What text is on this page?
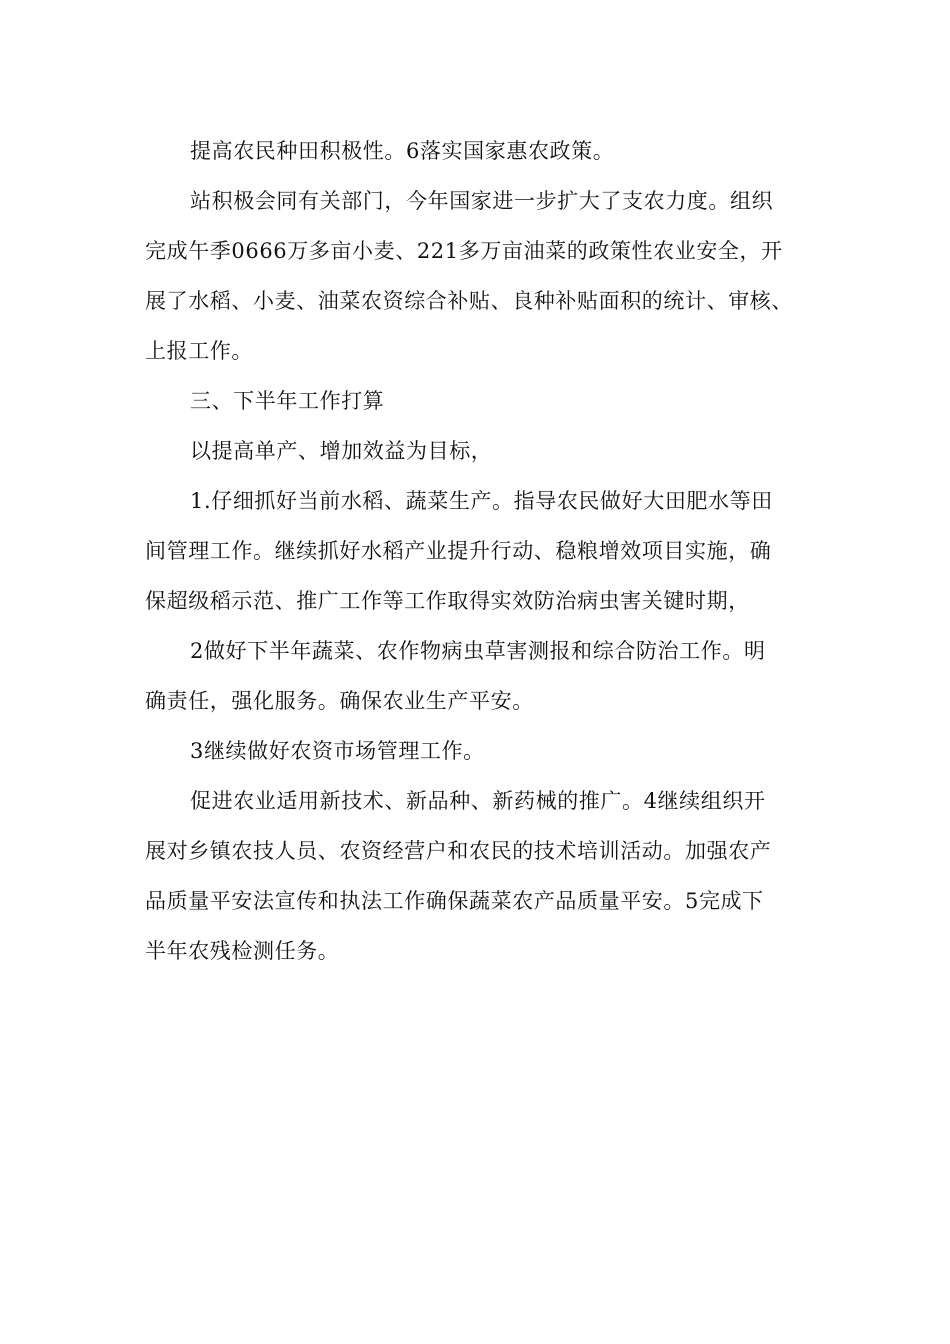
提高农民种田积极性。6落实国家惠农政策。

站积极会同有关部门，今年国家进一步扩大了支农力度。组织

完成午季0666万多亩小麦、221多万亩油菜的政策性农业安全，开

展了水稻、小麦、油菜农资综合补贴、良种补贴面积的统计、审核、

上报工作。

三、下半年工作打算

以提高单产、增加效益为目标，

1.仔细抓好当前水稻、蔬菜生产。指导农民做好大田肥水等田

间管理工作。继续抓好水稻产业提升行动、稳粮增效项目实施，确

保超级稻示范、推广工作等工作取得实效防治病虫害关键时期，

2做好下半年蔬菜、农作物病虫草害测报和综合防治工作。明

确责任，强化服务。确保农业生产平安。

3继续做好农资市场管理工作。

促进农业适用新技术、新品种、新药械的推广。4继续组织开

展对乡镇农技人员、农资经营户和农民的技术培训活动。加强农产

品质量平安法宣传和执法工作确保蔬菜农产品质量平安。5完成下

半年农残检测任务。
